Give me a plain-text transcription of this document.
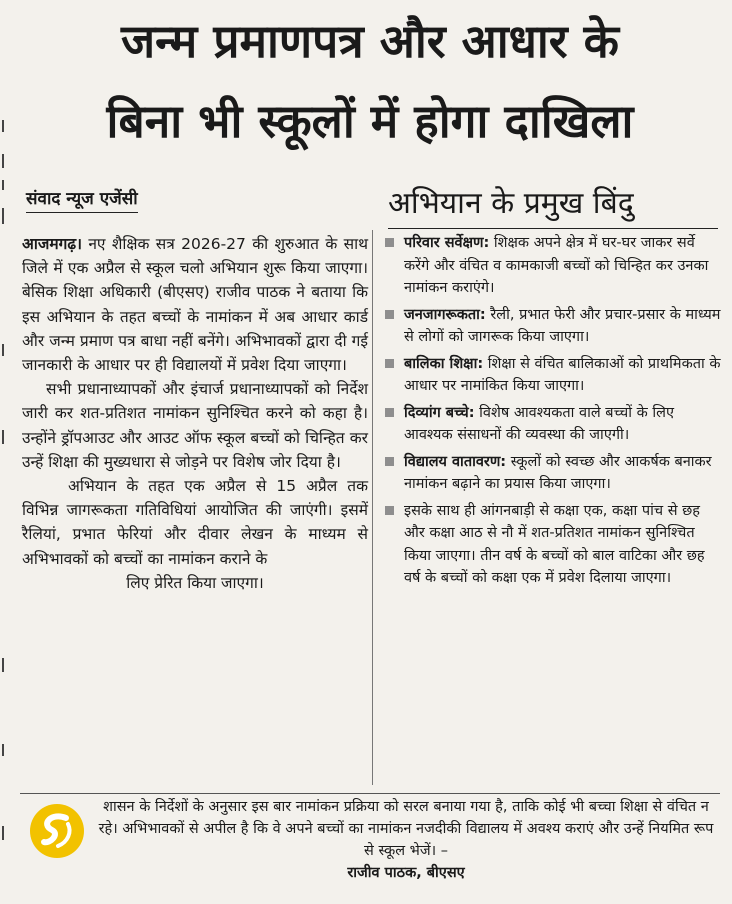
जन्म प्रमाणपत्र और आधार के
बिना भी स्कूलों में होगा दाखिला
संवाद न्यूज एजेंसी	अभियान के प्रमुख बिंदु

आजमगढ़। नए शैक्षिक सत्र 2026-27 की शुरुआत के साथ जिले में एक अप्रैल से स्कूल चलो अभियान शुरू किया जाएगा। बेसिक शिक्षा अधिकारी (बीएसए) राजीव पाठक ने बताया कि इस अभियान के तहत बच्चों के नामांकन में अब आधार कार्ड और जन्म प्रमाण पत्र बाधा नहीं बनेंगे। अभिभावकों द्वारा दी गई जानकारी के आधार पर ही विद्यालयों में प्रवेश दिया जाएगा।

सभी प्रधानाध्यापकों और इंचार्ज प्रधानाध्यापकों को निर्देश जारी कर शत-प्रतिशत नामांकन सुनिश्चित करने को कहा है। उन्होंने ड्रॉपआउट और आउट ऑफ स्कूल बच्चों को चिन्हित कर उन्हें शिक्षा की मुख्यधारा से जोड़ने पर विशेष जोर दिया है।

अभियान के तहत एक अप्रैल से 15 अप्रैल तक विभिन्न जागरूकता गतिविधियां आयोजित की जाएंगी। इसमें रैलियां, प्रभात फेरियां और दीवार लेखन के माध्यम से अभिभावकों को बच्चों का नामांकन कराने के

लिए प्रेरित किया जाएगा।

परिवार सर्वेक्षण: शिक्षक अपने क्षेत्र में घर-घर जाकर सर्वे करेंगे और वंचित व कामकाजी बच्चों को चिन्हित कर उनका नामांकन कराएंगे।
जनजागरूकता: रैली, प्रभात फेरी और प्रचार-प्रसार के माध्यम से लोगों को जागरूक किया जाएगा।
बालिका शिक्षा: शिक्षा से वंचित बालिकाओं को प्राथमिकता के आधार पर नामांकित किया जाएगा।
दिव्यांग बच्चे: विशेष आवश्यकता वाले बच्चों के लिए आवश्यक संसाधनों की व्यवस्था की जाएगी।
विद्यालय वातावरण: स्कूलों को स्वच्छ और आकर्षक बनाकर नामांकन बढ़ाने का प्रयास किया जाएगा।
इसके साथ ही आंगनबाड़ी से कक्षा एक, कक्षा पांच से छह और कक्षा आठ से नौ में शत-प्रतिशत नामांकन सुनिश्चित किया जाएगा। तीन वर्ष के बच्चों को बाल वाटिका और छह वर्ष के बच्चों को कक्षा एक में प्रवेश दिलाया जाएगा।
शासन के निर्देशों के अनुसार इस बार नामांकन प्रक्रिया को सरल बनाया गया है, ताकि कोई भी बच्चा शिक्षा से वंचित न रहे। अभिभावकों से अपील है कि वे अपने बच्चों का नामांकन नजदीकी विद्यालय में अवश्य कराएं और उन्हें नियमित रूप से स्कूल भेजें। –
राजीव पाठक, बीएसए
